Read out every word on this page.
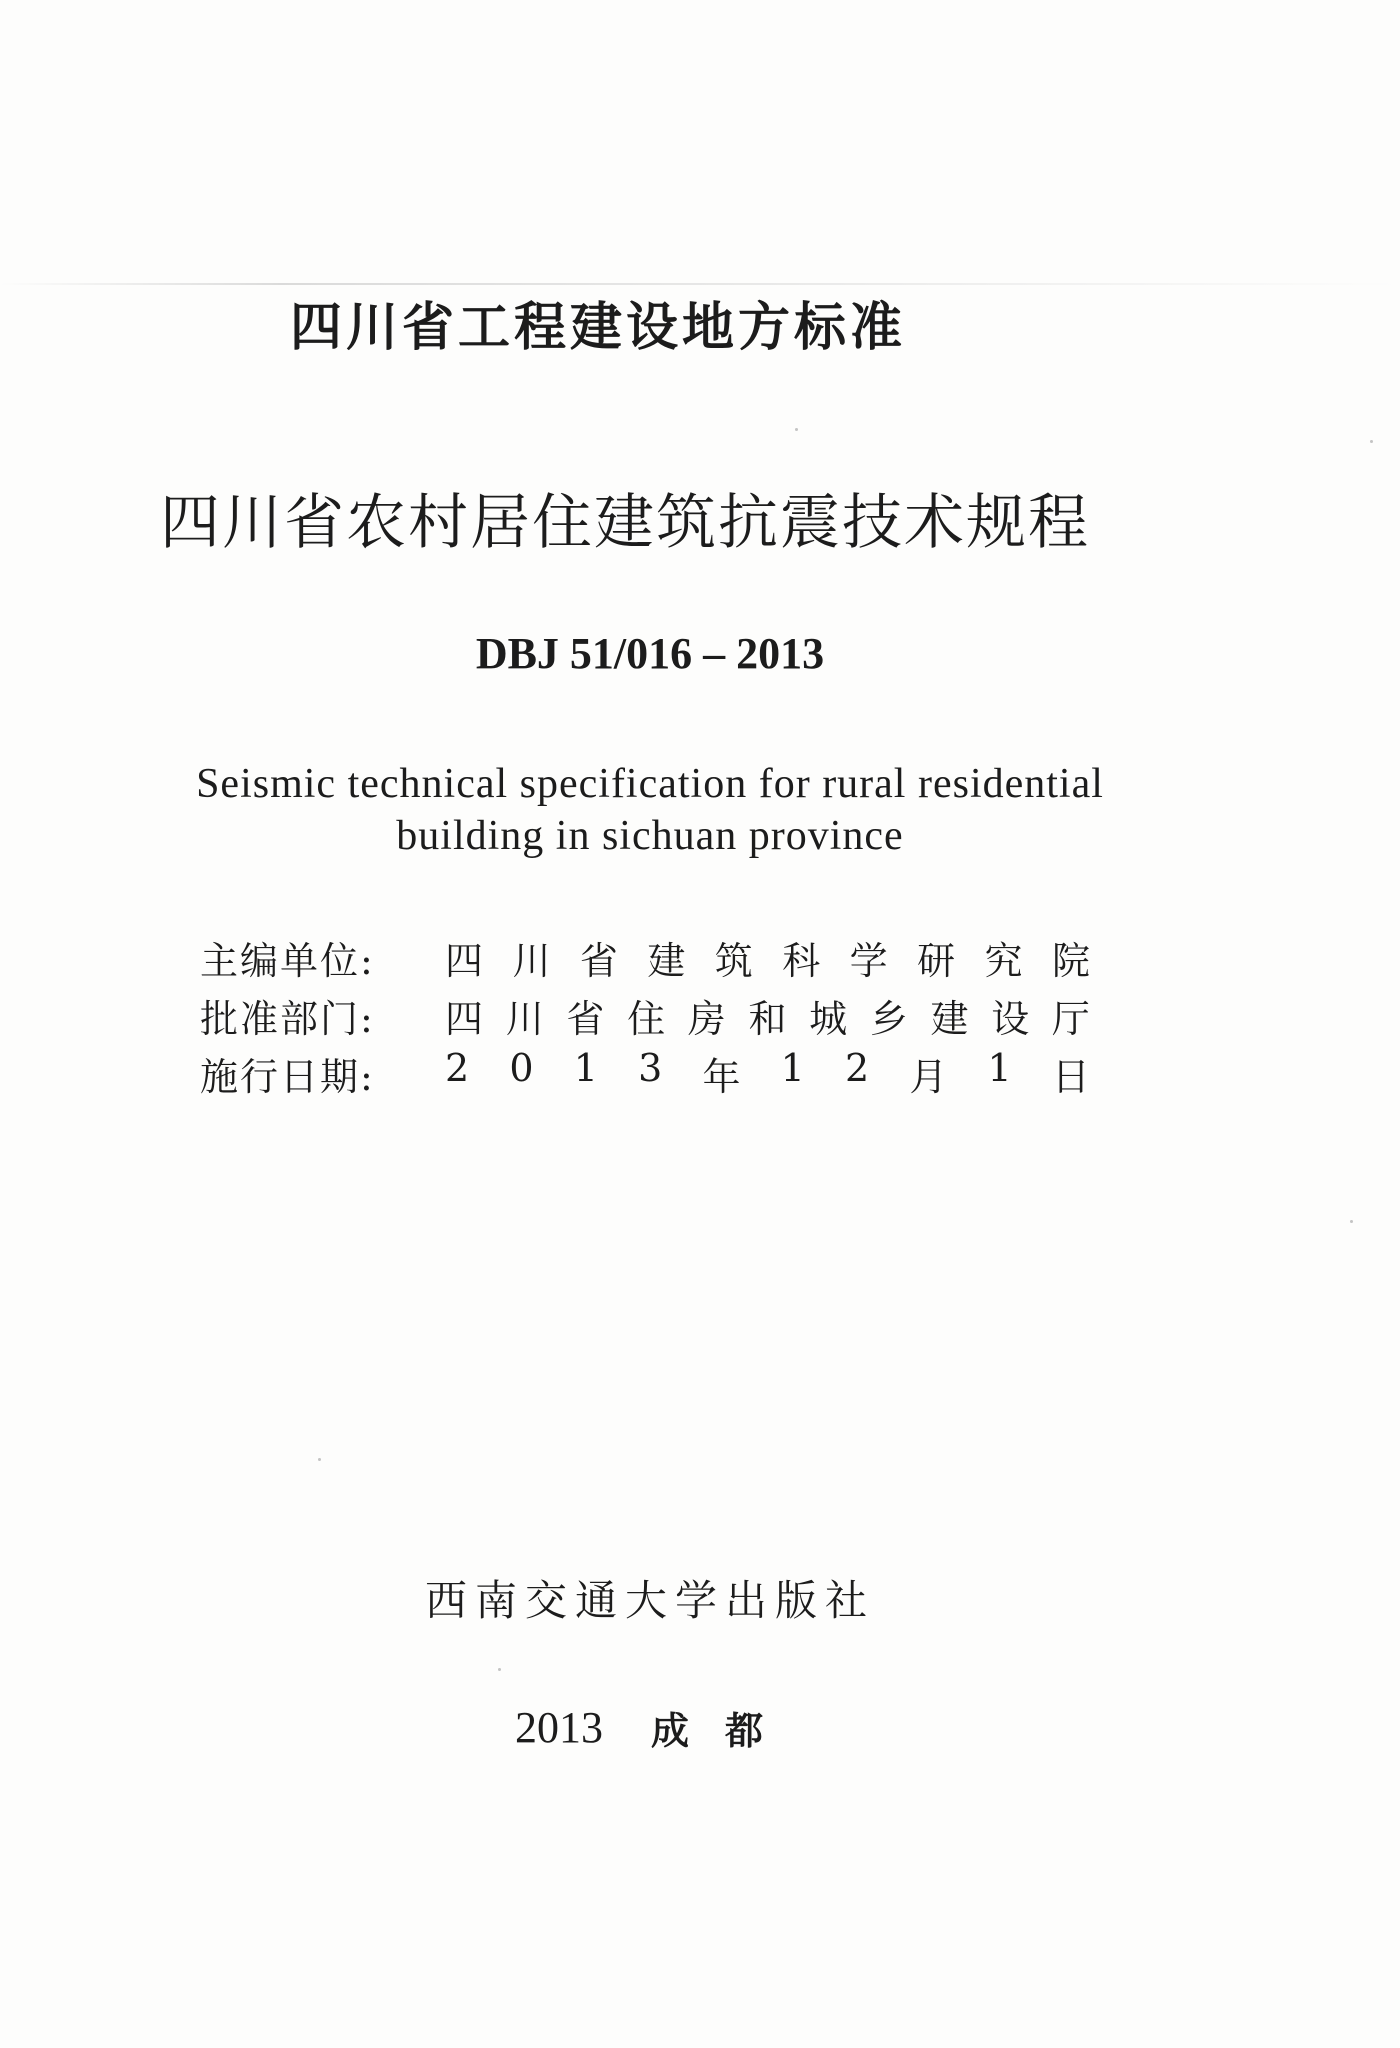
四川省工程建设地方标准
四川省农村居住建筑抗震技术规程
DBJ 51/016 – 2013
Seismic technical specification for rural residential
building in sichuan province
主编单位:	四 川 省 建 筑 科 学 研 究 院
批准部门:	四 川 省 住 房 和 城 乡 建 设 厅
施行日期:	2 0 1 3 年 1 2 月 1 日
西南交通大学出版社
2013 成都
